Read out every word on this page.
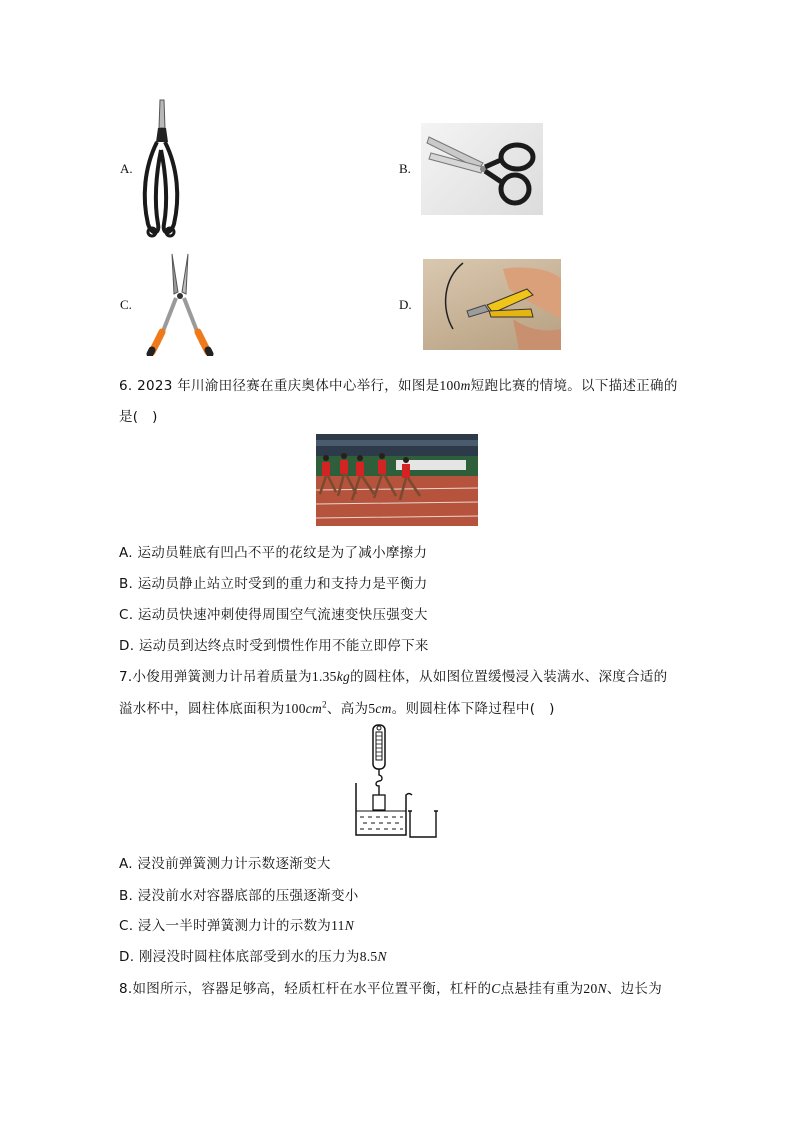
A.	B.
C.	D.
6. 2023 年川渝田径赛在重庆奥体中心举行，如图是100m短跑比赛的情境。以下描述正确的
是(　)
A. 运动员鞋底有凹凸不平的花纹是为了减小摩擦力
B. 运动员静止站立时受到的重力和支持力是平衡力
C. 运动员快速冲刺使得周围空气流速变快压强变大
D. 运动员到达终点时受到惯性作用不能立即停下来
7.小俊用弹簧测力计吊着质量为1.35kg的圆柱体，从如图位置缓慢浸入装满水、深度合适的
溢水杯中，圆柱体底面积为$100cm^2$、高为5cm。则圆柱体下降过程中(　)
A. 浸没前弹簧测力计示数逐渐变大
B. 浸没前水对容器底部的压强逐渐变小
C. 浸入一半时弹簧测力计的示数为11N
D. 刚浸没时圆柱体底部受到水的压力为8.5N
8.如图所示，容器足够高，轻质杠杆在水平位置平衡，杠杆的C点悬挂有重为20N、边长为
